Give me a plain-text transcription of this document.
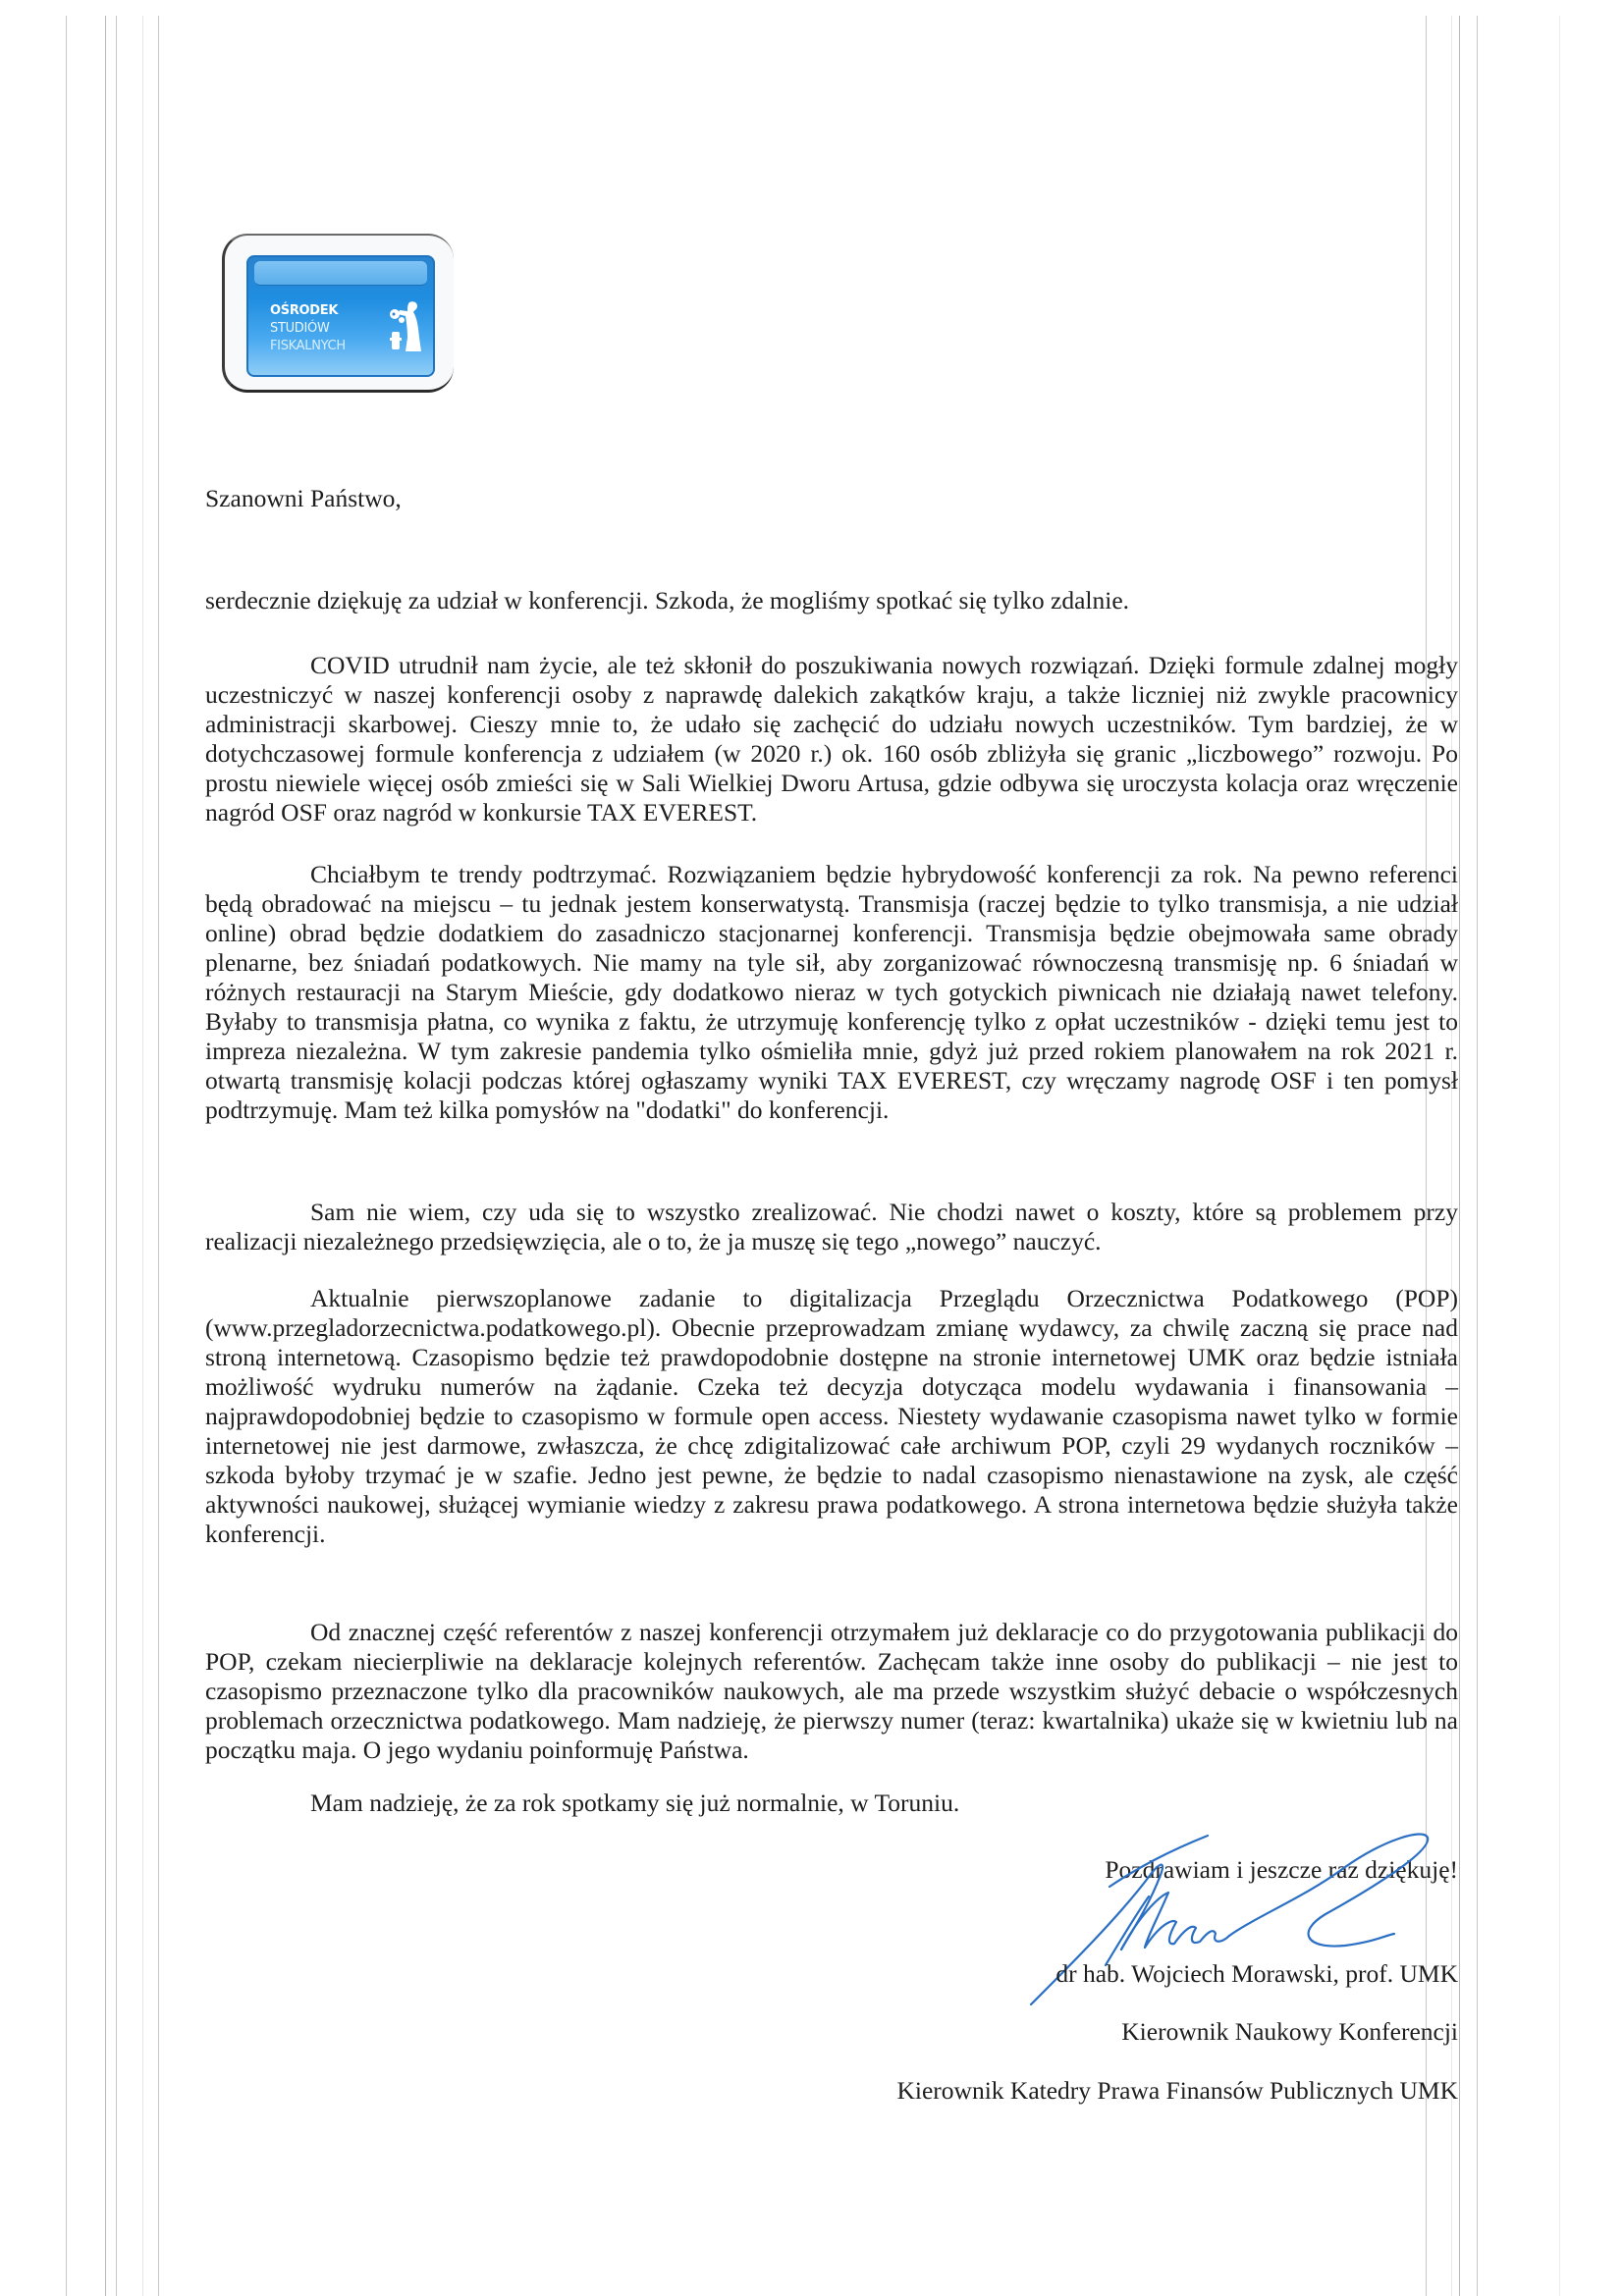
OŚRODEK
STUDIÓW
FISKALNYCH
Szanowni Państwo,
serdecznie dziękuję za udział w konferencji. Szkoda, że mogliśmy spotkać się tylko zdalnie.
COVID utrudnił nam życie, ale też skłonił do poszukiwania nowych rozwiązań. Dzięki formule zdalnej mogły uczestniczyć w naszej konferencji osoby z naprawdę dalekich zakątków kraju, a także liczniej niż zwykle pracownicy administracji skarbowej. Cieszy mnie to, że udało się zachęcić do udziału nowych uczestników. Tym bardziej, że w dotychczasowej formule konferencja z udziałem (w 2020 r.) ok. 160 osób zbliżyła się granic „liczbowego” rozwoju. Po prostu niewiele więcej osób zmieści się w Sali Wielkiej Dworu Artusa, gdzie odbywa się uroczysta kolacja oraz wręczenie nagród OSF oraz nagród w konkursie TAX EVEREST.
Chciałbym te trendy podtrzymać. Rozwiązaniem będzie hybrydowość konferencji za rok. Na pewno referenci będą obradować na miejscu – tu jednak jestem konserwatystą. Transmisja (raczej będzie to tylko transmisja, a nie udział online) obrad będzie dodatkiem do zasadniczo stacjonarnej konferencji. Transmisja będzie obejmowała same obrady plenarne, bez śniadań podatkowych. Nie mamy na tyle sił, aby zorganizować równoczesną transmisję np. 6 śniadań w różnych restauracji na Starym Mieście, gdy dodatkowo nieraz w tych gotyckich piwnicach nie działają nawet telefony. Byłaby to transmisja płatna, co wynika z faktu, że utrzymuję konferencję tylko z opłat uczestników - dzięki temu jest to impreza niezależna. W tym zakresie pandemia tylko ośmieliła mnie, gdyż już przed rokiem planowałem na rok 2021 r. otwartą transmisję kolacji podczas której ogłaszamy wyniki TAX EVEREST, czy wręczamy nagrodę OSF i ten pomysł podtrzymuję. Mam też kilka pomysłów na "dodatki" do konferencji.
Sam nie wiem, czy uda się to wszystko zrealizować. Nie chodzi nawet o koszty, które są problemem przy realizacji niezależnego przedsięwzięcia, ale o to, że ja muszę się tego „nowego” nauczyć.
Aktualnie pierwszoplanowe zadanie to digitalizacja Przeglądu Orzecznictwa Podatkowego (POP) (www.przegladorzecnictwa.podatkowego.pl). Obecnie przeprowadzam zmianę wydawcy, za chwilę zaczną się prace nad stroną internetową. Czasopismo będzie też prawdopodobnie dostępne na stronie internetowej UMK oraz będzie istniała możliwość wydruku numerów na żądanie. Czeka też decyzja dotycząca modelu wydawania i finansowania – najprawdopodobniej będzie to czasopismo w formule open access. Niestety wydawanie czasopisma nawet tylko w formie internetowej nie jest darmowe, zwłaszcza, że chcę zdigitalizować całe archiwum POP, czyli 29 wydanych roczników – szkoda byłoby trzymać je w szafie. Jedno jest pewne, że będzie to nadal czasopismo nienastawione na zysk, ale część aktywności naukowej, służącej wymianie wiedzy z zakresu prawa podatkowego. A strona internetowa będzie służyła także konferencji.
Od znacznej część referentów z naszej konferencji otrzymałem już deklaracje co do przygotowania publikacji do POP, czekam niecierpliwie na deklaracje kolejnych referentów. Zachęcam także inne osoby do publikacji – nie jest to czasopismo przeznaczone tylko dla pracowników naukowych, ale ma przede wszystkim służyć debacie o współczesnych problemach orzecznictwa podatkowego. Mam nadzieję, że pierwszy numer (teraz: kwartalnika) ukaże się w kwietniu lub na początku maja. O jego wydaniu poinformuję Państwa.
Mam nadzieję, że za rok spotkamy się już normalnie, w Toruniu.
Pozdrawiam i jeszcze raz dziękuję!
dr hab. Wojciech Morawski, prof. UMK
Kierownik Naukowy Konferencji
Kierownik Katedry Prawa Finansów Publicznych UMK
